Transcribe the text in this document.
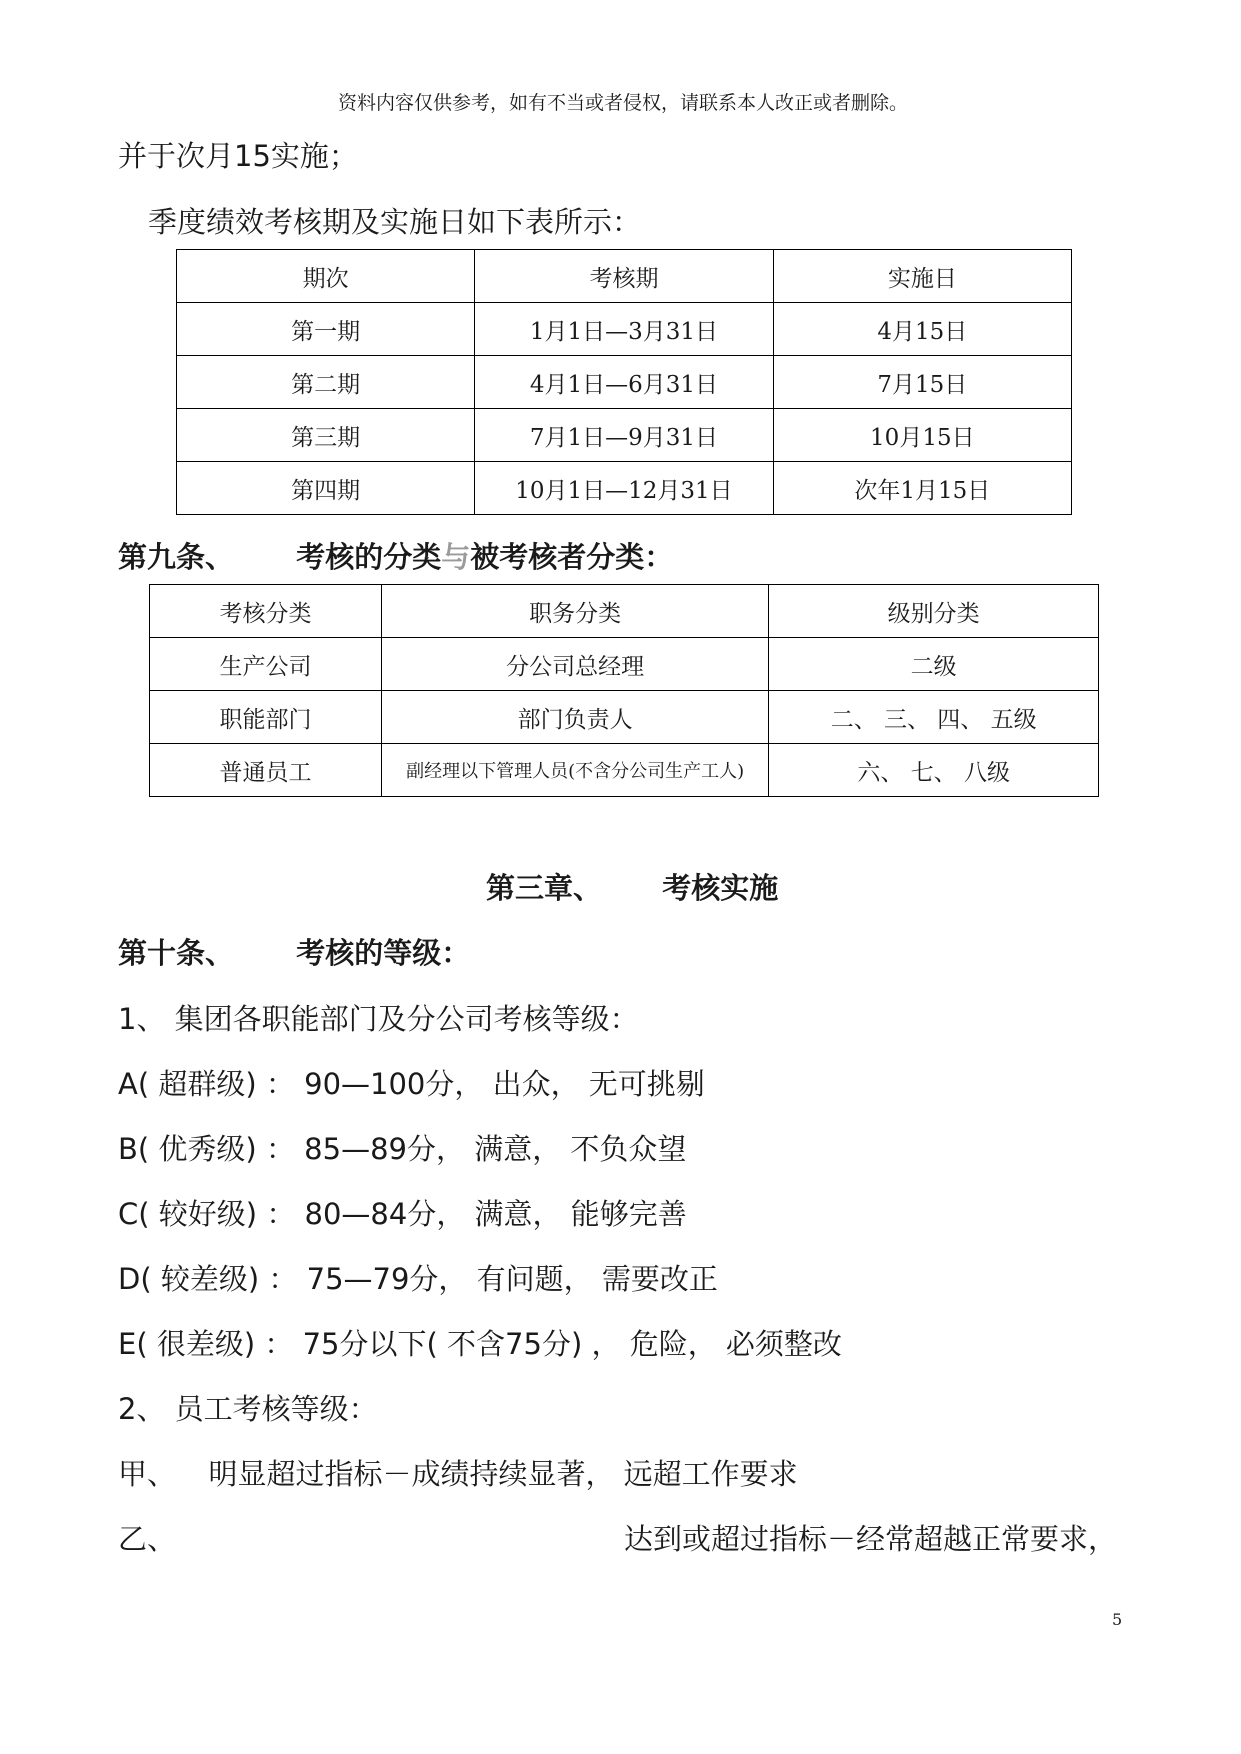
资料内容仅供参考，如有不当或者侵权，请联系本人改正或者删除。
并于次月15实施；
季度绩效考核期及实施日如下表所示：
期次	考核期	实施日
第一期	1月1日—3月31日	4月15日
第二期	4月1日—6月31日	7月15日
第三期	7月1日—9月31日	10月15日
第四期	10月1日—12月31日	次年1月15日
第九条、 考核的分类与被考核者分类：
考核分类	职务分类	级别分类
生产公司	分公司总经理	二级
职能部门	部门负责人	二、 三、 四、 五级
普通员工	副经理以下管理人员(不含分公司生产工人)	六、 七、 八级
第三章、 考核实施
第十条、 考核的等级：
1、 集团各职能部门及分公司考核等级：
A( 超群级) ： 90—100分， 出众， 无可挑剔
B( 优秀级) ： 85—89分， 满意， 不负众望
C( 较好级) ： 80—84分， 满意， 能够完善
D( 较差级) ： 75—79分， 有问题， 需要改正
E( 很差级) ： 75分以下( 不含75分) ， 危险， 必须整改
2、 员工考核等级：
甲、 明显超过指标－成绩持续显著， 远超工作要求
乙、	达到或超过指标－经常超越正常要求，
5
